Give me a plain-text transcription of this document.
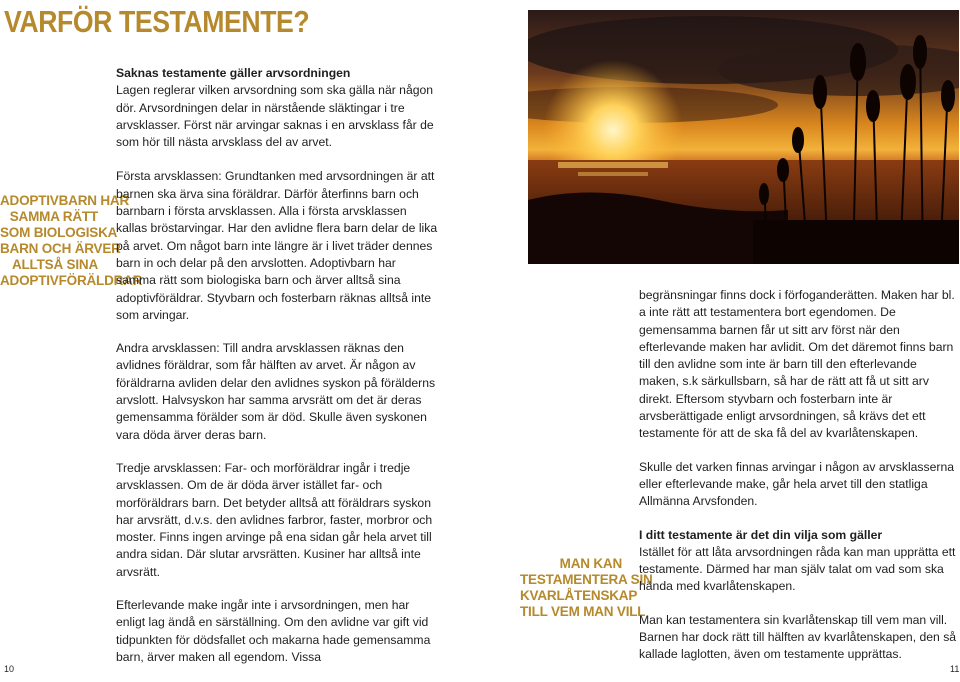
VARFÖR TESTAMENTE?
ADOPTIVBARN HAR
SAMMA RÄTT
SOM BIOLOGISKA
BARN OCH ÄRVER
ALLTSÅ SINA
ADOPTIVFÖRÄLDRAR

Saknas testamente gäller arvsordningen
Lagen reglerar vilken arvsordning som ska gälla när någon dör. Arvsordningen delar in närstående släktingar i tre arvsklasser. Först när arvingar saknas i en arvsklass får de som hör till nästa arvsklass del av arvet.

Första arvsklassen: Grundtanken med arvsordningen är att barnen ska ärva sina föräldrar. Därför återfinns barn och barnbarn i första arvsklassen. Alla i första arvsklassen kallas bröstarvingar. Har den avlidne flera barn delar de lika på arvet. Om något barn inte längre är i livet träder dennes barn in och delar på den arvslotten. Adoptivbarn har samma rätt som biologiska barn och ärver alltså sina adoptivföräldrar. Styvbarn och fosterbarn räknas alltså inte som arvingar.

Andra arvsklassen: Till andra arvsklassen räknas den avlidnes föräldrar, som får hälften av arvet. Är någon av föräldrarna avliden delar den avlidnes syskon på förälderns arvslott. Halvsyskon har samma arvsrätt om det är deras gemensamma förälder som är död. Skulle även syskonen vara döda ärver deras barn.

Tredje arvsklassen: Far- och morföräldrar ingår i tredje arvsklassen. Om de är döda ärver istället far- och morföräldrars barn. Det betyder alltså att föräldrars syskon har arvsrätt, d.v.s. den avlidnes farbror, faster, morbror och moster. Finns ingen arvinge på ena sidan går hela arvet till andra sidan. Där slutar arvsrätten. Kusiner har alltså inte arvsrätt.

Efterlevande make ingår inte i arvsordningen, men har enligt lag ändå en särställning. Om den avlidne var gift vid tidpunkten för dödsfallet och makarna hade gemensamma barn, ärver maken all egendom. Vissa

MAN KAN
TESTAMENTERA SIN
KVARLÅTENSKAP
TILL VEM MAN VILL

begränsningar finns dock i förfoganderätten. Maken har bl. a inte rätt att testamentera bort egendomen. De gemensamma barnen får ut sitt arv först när den efterlevande maken har avlidit. Om det däremot finns barn till den avlidne som inte är barn till den efterlevande maken, s.k särkullsbarn, så har de rätt att få ut sitt arv direkt. Eftersom styvbarn och fosterbarn inte är arvsberättigade enligt arvsordningen, så krävs det ett testamente för att de ska få del av kvarlåtenskapen.

Skulle det varken finnas arvingar i någon av arvsklasserna eller efterlevande make, går hela arvet till den statliga Allmänna Arvsfonden.

I ditt testamente är det din vilja som gäller
Istället för att låta arvsordningen råda kan man upprätta ett testamente. Därmed har man själv talat om vad som ska hända med kvarlåtenskapen.

Man kan testamentera sin kvarlåtenskap till vem man vill. Barnen har dock rätt till hälften av kvarlåtenskapen, den så kallade laglotten, även om testamente upprättas.

10	11
